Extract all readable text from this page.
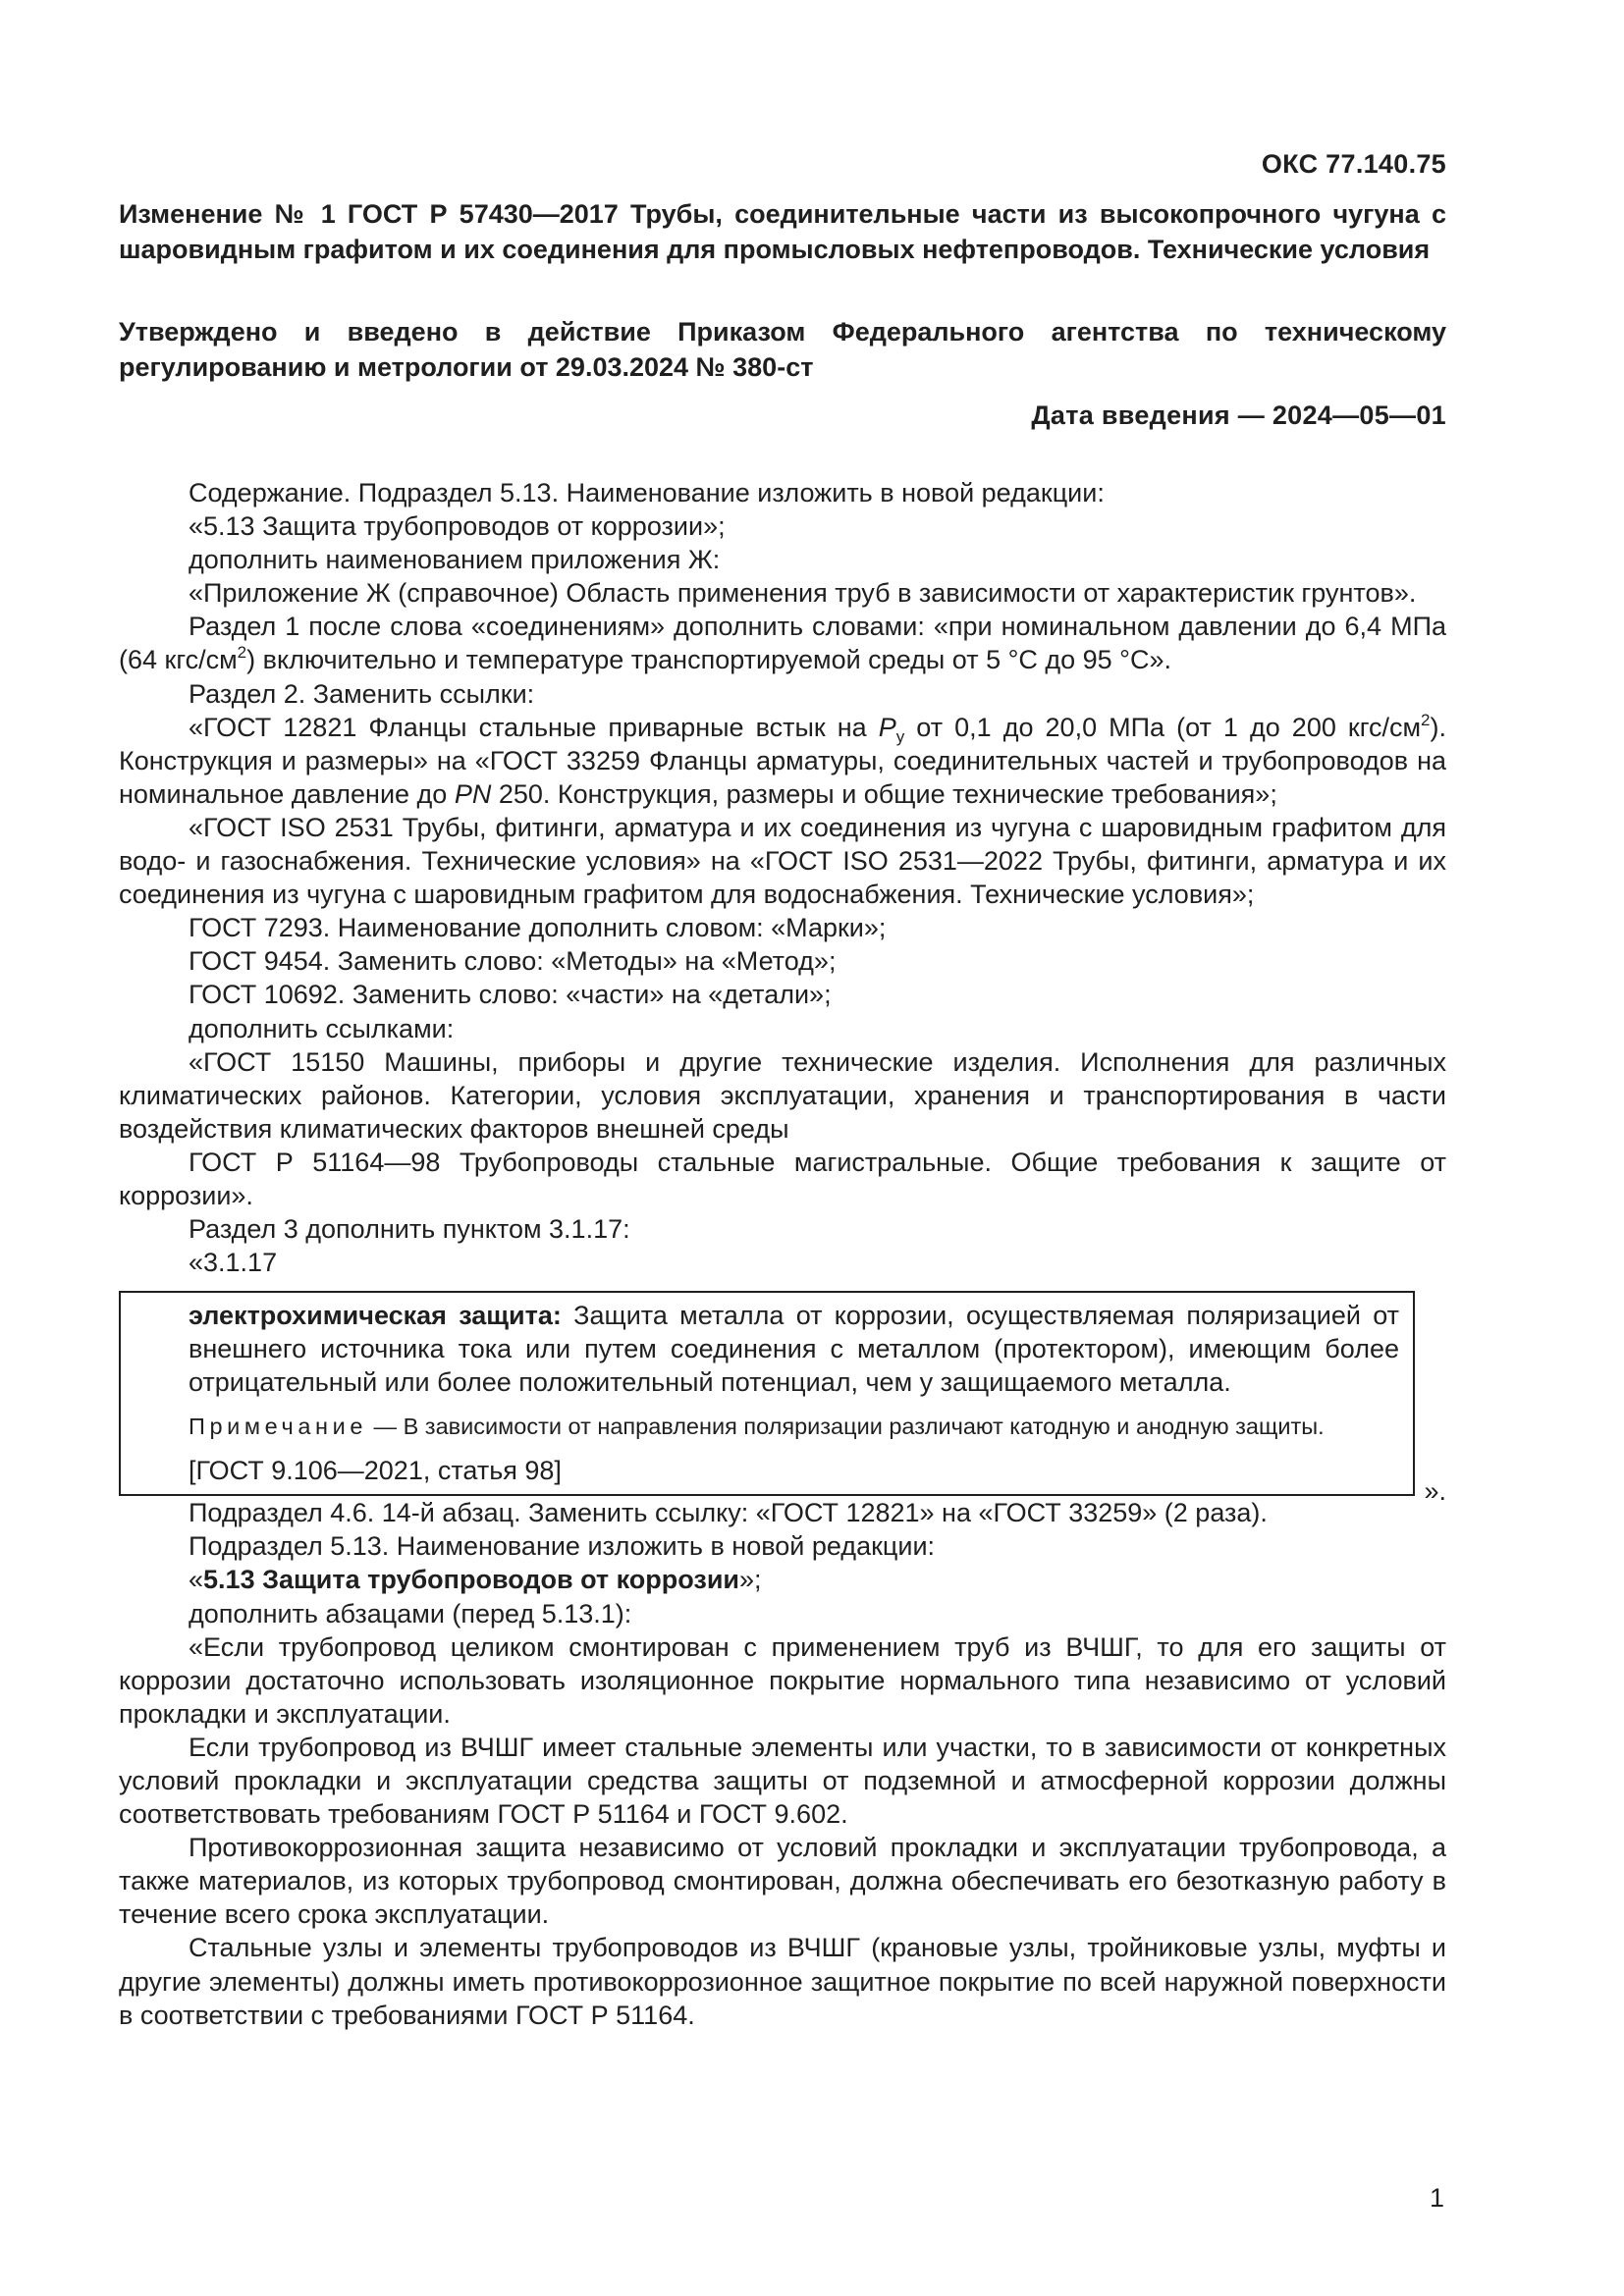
ОКС 77.140.75
Изменение № 1 ГОСТ Р 57430—2017 Трубы, соединительные части из высокопрочного чугуна с шаровидным графитом и их соединения для промысловых нефтепроводов. Технические условия
Утверждено и введено в действие Приказом Федерального агентства по техническому регулированию и метрологии от 29.03.2024 № 380-ст
Дата введения — 2024—05—01

Содержание. Подраздел 5.13. Наименование изложить в новой редакции:

«5.13 Защита трубопроводов от коррозии»;

дополнить наименованием приложения Ж:

«Приложение Ж (справочное) Область применения труб в зависимости от характеристик грунтов».

Раздел 1 после слова «соединениям» дополнить словами: «при номинальном давлении до 6,4 МПа (64 кгс/$см^2$) включительно и температуре транспортируемой среды от 5 °С до 95 °С».

Раздел 2. Заменить ссылки:

«ГОСТ 12821 Фланцы стальные приварные встык на $P_y$ от 0,1 до 20,0 МПа (от 1 до 200 кгс/$см^2$). Конструкция и размеры» на «ГОСТ 33259 Фланцы арматуры, соединительных частей и трубопроводов на номинальное давление до PN 250. Конструкция, размеры и общие технические требования»;

«ГОСТ ISO 2531 Трубы, фитинги, арматура и их соединения из чугуна с шаровидным графитом для водо- и газоснабжения. Технические условия» на «ГОСТ ISO 2531—2022 Трубы, фитинги, арматура и их соединения из чугуна с шаровидным графитом для водоснабжения. Технические условия»;

ГОСТ 7293. Наименование дополнить словом: «Марки»;

ГОСТ 9454. Заменить слово: «Методы» на «Метод»;

ГОСТ 10692. Заменить слово: «части» на «детали»;

дополнить ссылками:

«ГОСТ 15150 Машины, приборы и другие технические изделия. Исполнения для различных климатических районов. Категории, условия эксплуатации, хранения и транспортирования в части воздействия климатических факторов внешней среды

ГОСТ Р 51164—98 Трубопроводы стальные магистральные. Общие требования к защите от коррозии».

Раздел 3 дополнить пунктом 3.1.17:

«3.1.17

электрохимическая защита: Защита металла от коррозии, осуществляемая поляризацией от внешнего источника тока или путем соединения с металлом (протектором), имеющим более отрицательный или более положительный потенциал, чем у защищаемого металла.

Примечание — В зависимости от направления поляризации различают катодную и анодную защиты.

[ГОСТ 9.106—2021, статья 98]

».

Подраздел 4.6. 14-й абзац. Заменить ссылку: «ГОСТ 12821» на «ГОСТ 33259» (2 раза).

Подраздел 5.13. Наименование изложить в новой редакции:

«5.13 Защита трубопроводов от коррозии»;

дополнить абзацами (перед 5.13.1):

«Если трубопровод целиком смонтирован с применением труб из ВЧШГ, то для его защиты от коррозии достаточно использовать изоляционное покрытие нормального типа независимо от условий прокладки и эксплуатации.

Если трубопровод из ВЧШГ имеет стальные элементы или участки, то в зависимости от конкретных условий прокладки и эксплуатации средства защиты от подземной и атмосферной коррозии должны соответствовать требованиям ГОСТ Р 51164 и ГОСТ 9.602.

Противокоррозионная защита независимо от условий прокладки и эксплуатации трубопровода, а также материалов, из которых трубопровод смонтирован, должна обеспечивать его безотказную работу в течение всего срока эксплуатации.

Стальные узлы и элементы трубопроводов из ВЧШГ (крановые узлы, тройниковые узлы, муфты и другие элементы) должны иметь противокоррозионное защитное покрытие по всей наружной поверхности в соответствии с требованиями ГОСТ Р 51164.

1
